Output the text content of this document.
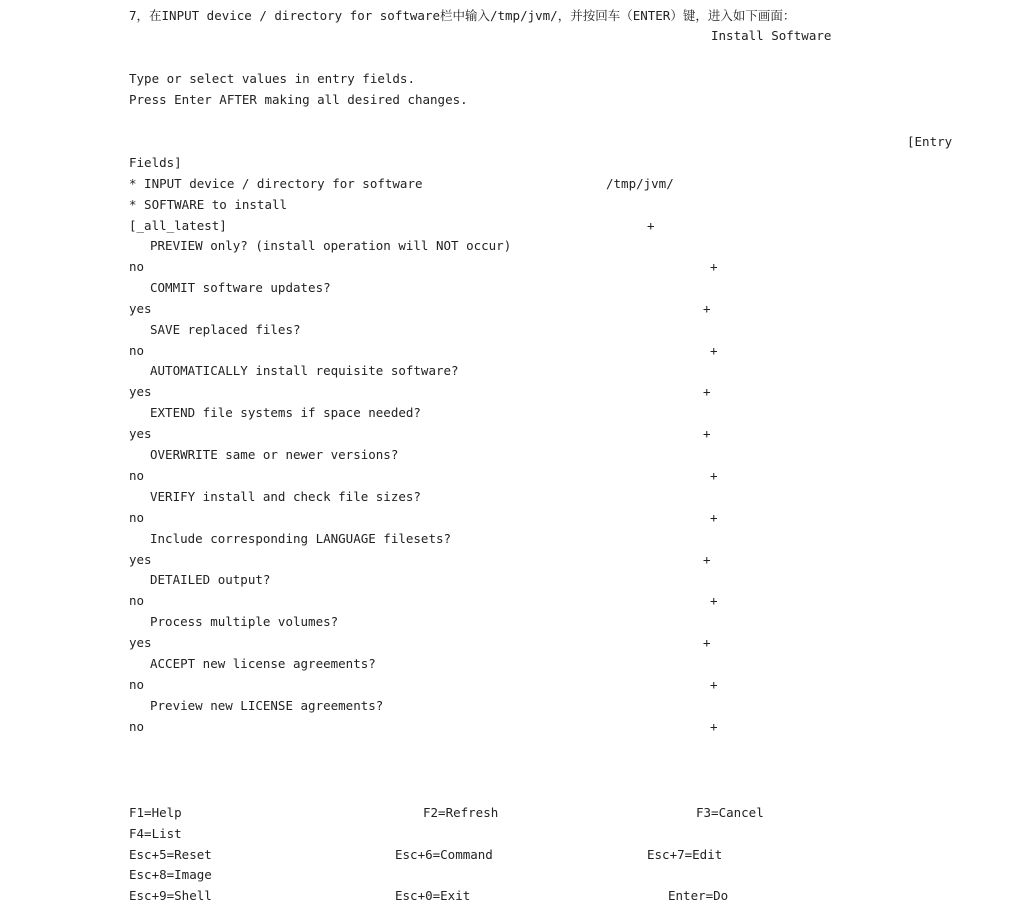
7，在INPUT device / directory for software栏中输入/tmp/jvm/，并按回车（ENTER）键，进入如下画面：
Install Software
Type or select values in entry fields.
Press Enter AFTER making all desired changes.
[Entry
Fields]
* INPUT device / directory for software	/tmp/jvm/
* SOFTWARE to install
[_all_latest]	+
PREVIEW only? (install operation will NOT occur)
no	+
COMMIT software updates?
yes	+
SAVE replaced files?
no	+
AUTOMATICALLY install requisite software?
yes	+
EXTEND file systems if space needed?
yes	+
OVERWRITE same or newer versions?
no	+
VERIFY install and check file sizes?
no	+
Include corresponding LANGUAGE filesets?
yes	+
DETAILED output?
no	+
Process multiple volumes?
yes	+
ACCEPT new license agreements?
no	+
Preview new LICENSE agreements?
no	+
F1=Help	F2=Refresh	F3=Cancel
F4=List
Esc+5=Reset	Esc+6=Command	Esc+7=Edit
Esc+8=Image
Esc+9=Shell	Esc+0=Exit	Enter=Do
